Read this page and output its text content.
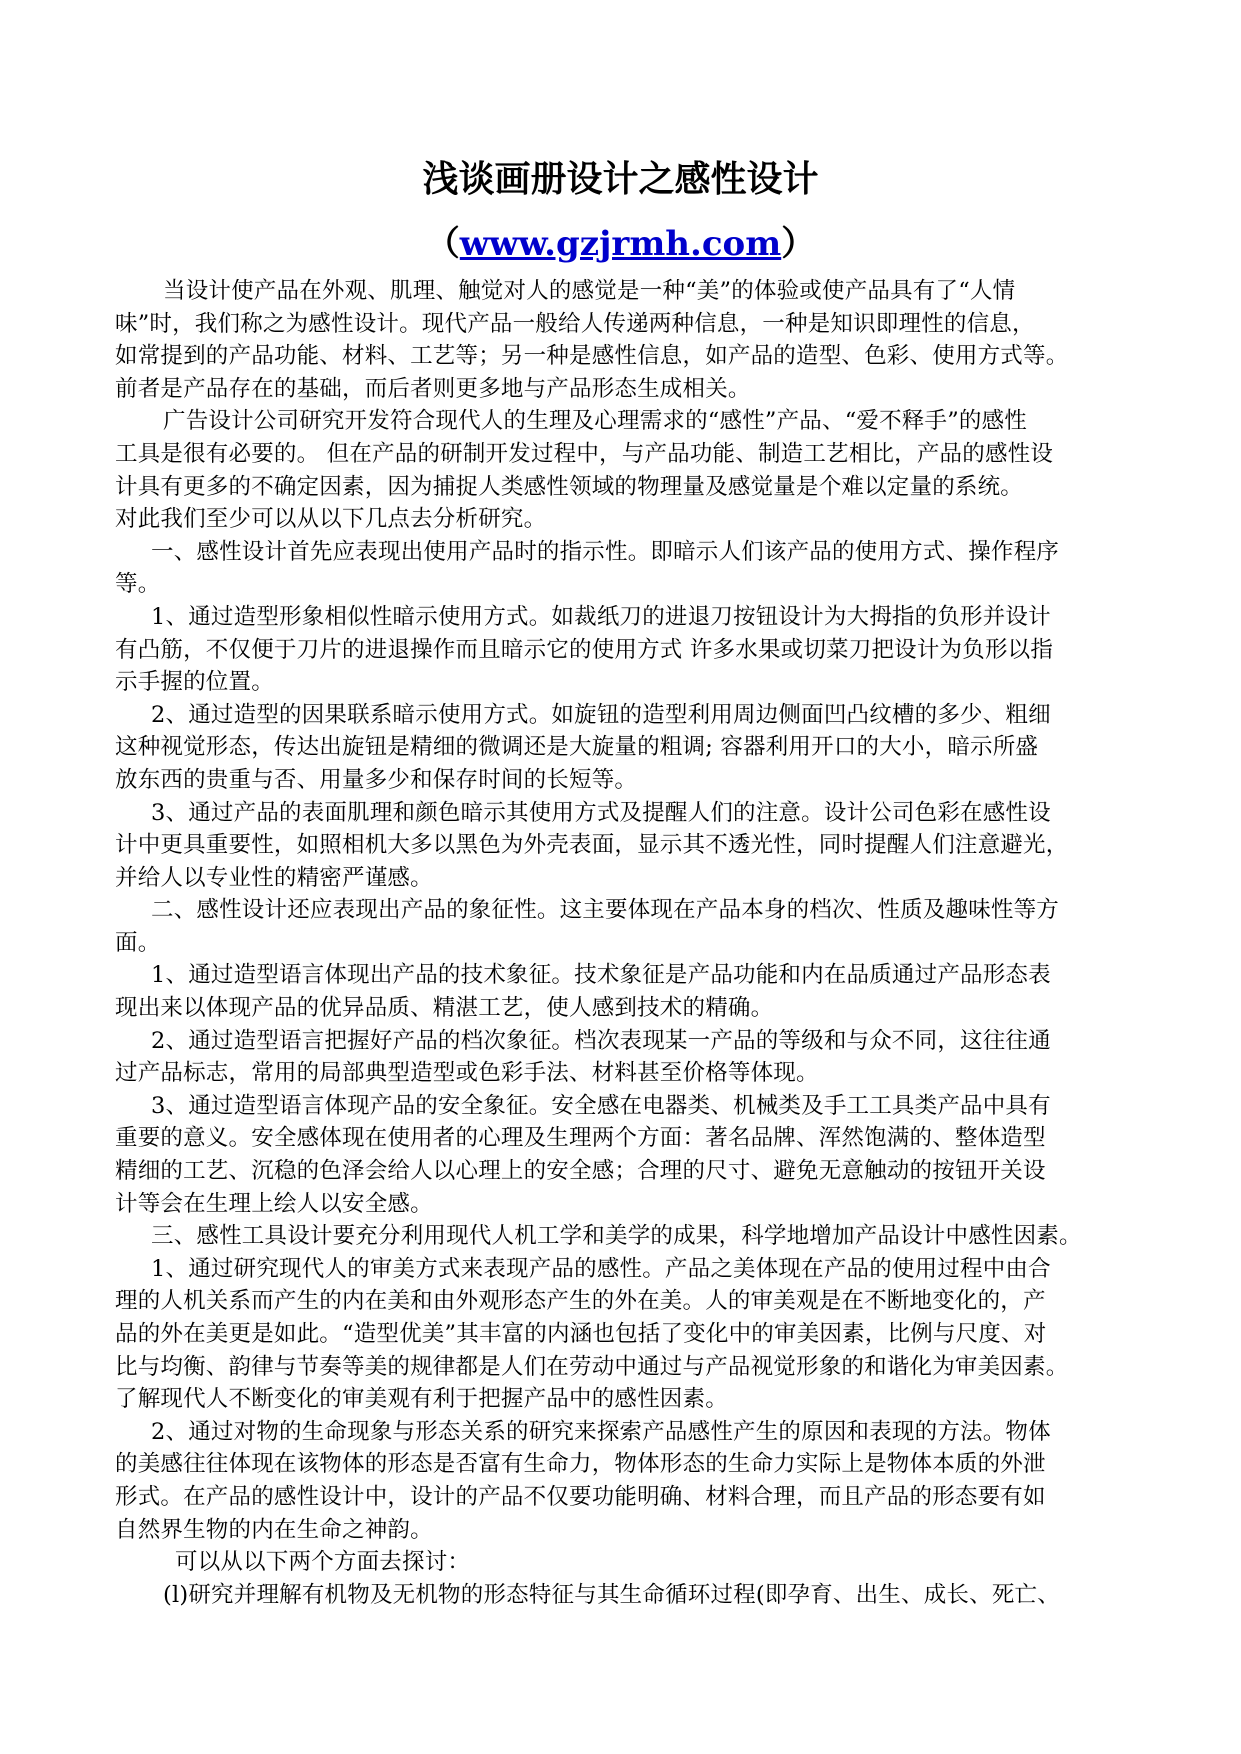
浅谈画册设计之感性设计
（www.gzjrmh.com）

当设计使产品在外观、肌理、触觉对人的感觉是一种“美”的体验或使产品具有了“人情

味”时，我们称之为感性设计。现代产品一般给人传递两种信息，一种是知识即理性的信息，

如常提到的产品功能、材料、工艺等；另一种是感性信息，如产品的造型、色彩、使用方式等。

前者是产品存在的基础，而后者则更多地与产品形态生成相关。

广告设计公司研究开发符合现代人的生理及心理需求的“感性”产品、“爱不释手”的感性

工具是很有必要的。 但在产品的研制开发过程中，与产品功能、制造工艺相比，产品的感性设

计具有更多的不确定因素，因为捕捉人类感性领域的物理量及感觉量是个难以定量的系统。

对此我们至少可以从以下几点去分析研究。

一、感性设计首先应表现出使用产品时的指示性。即暗示人们该产品的使用方式、操作程序

等。

1、通过造型形象相似性暗示使用方式。如裁纸刀的进退刀按钮设计为大拇指的负形并设计

有凸筋，不仅便于刀片的进退操作而且暗示它的使用方式 许多水果或切菜刀把设计为负形以指

示手握的位置。

2、通过造型的因果联系暗示使用方式。如旋钮的造型利用周边侧面凹凸纹槽的多少、粗细

这种视觉形态，传达出旋钮是精细的微调还是大旋量的粗调; 容器利用开口的大小，暗示所盛

放东西的贵重与否、用量多少和保存时间的长短等。

3、通过产品的表面肌理和颜色暗示其使用方式及提醒人们的注意。设计公司色彩在感性设

计中更具重要性，如照相机大多以黑色为外壳表面，显示其不透光性，同时提醒人们注意避光，

并给人以专业性的精密严谨感。

二、感性设计还应表现出产品的象征性。这主要体现在产品本身的档次、性质及趣味性等方

面。

1、通过造型语言体现出产品的技术象征。技术象征是产品功能和内在品质通过产品形态表

现出来以体现产品的优异品质、精湛工艺，使人感到技术的精确。

2、通过造型语言把握好产品的档次象征。档次表现某一产品的等级和与众不同，这往往通

过产品标志，常用的局部典型造型或色彩手法、材料甚至价格等体现。

3、通过造型语言体现产品的安全象征。安全感在电器类、机械类及手工工具类产品中具有

重要的意义。安全感体现在使用者的心理及生理两个方面：著名品牌、浑然饱满的、整体造型

精细的工艺、沉稳的色泽会给人以心理上的安全感；合理的尺寸、避免无意触动的按钮开关设

计等会在生理上绘人以安全感。

三、感性工具设计要充分利用现代人机工学和美学的成果，科学地增加产品设计中感性因素。

1、通过研究现代人的审美方式来表现产品的感性。产品之美体现在产品的使用过程中由合

理的人机关系而产生的内在美和由外观形态产生的外在美。人的审美观是在不断地变化的，产

品的外在美更是如此。“造型优美”其丰富的内涵也包括了变化中的审美因素，比例与尺度、对

比与均衡、韵律与节奏等美的规律都是人们在劳动中通过与产品视觉形象的和谐化为审美因素。

了解现代人不断变化的审美观有利于把握产品中的感性因素。

2、通过对物的生命现象与形态关系的研究来探索产品感性产生的原因和表现的方法。物体

的美感往往体现在该物体的形态是否富有生命力，物体形态的生命力实际上是物体本质的外泄

形式。在产品的感性设计中，设计的产品不仅要功能明确、材料合理，而且产品的形态要有如

自然界生物的内在生命之神韵。

可以从以下两个方面去探讨：

(l)研究并理解有机物及无机物的形态特征与其生命循环过程(即孕育、出生、成长、死亡、
